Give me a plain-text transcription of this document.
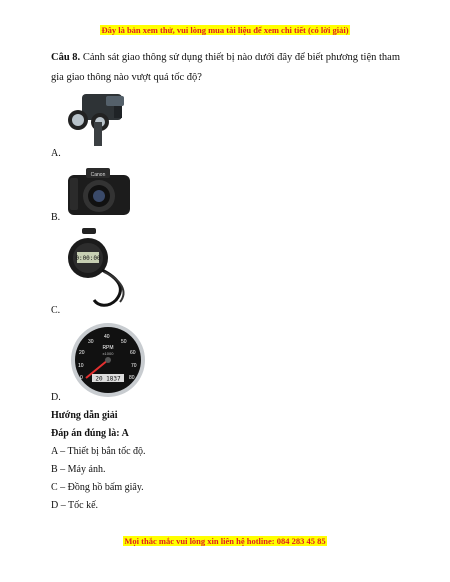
Đây là bản xem thử, vui lòng mua tài liệu để xem chi tiết (có lời giải)
Câu 8. Cảnh sát giao thông sử dụng thiết bị nào dưới đây để biết phương tiện tham gia giao thông nào vượt quá tốc độ?
A.
Canon
B.
0:00:00
C.
0
10
20
30
40
50
60
70
80
RPM
x1000
20 1837
D.
Hướng dẫn giải
Đáp án đúng là: A
A – Thiết bị bắn tốc độ.
B – Máy ảnh.
C – Đồng hồ bấm giây.
D – Tốc kế.
Mọi thắc mắc vui lòng xin liên hệ hotline: 084 283 45 85
